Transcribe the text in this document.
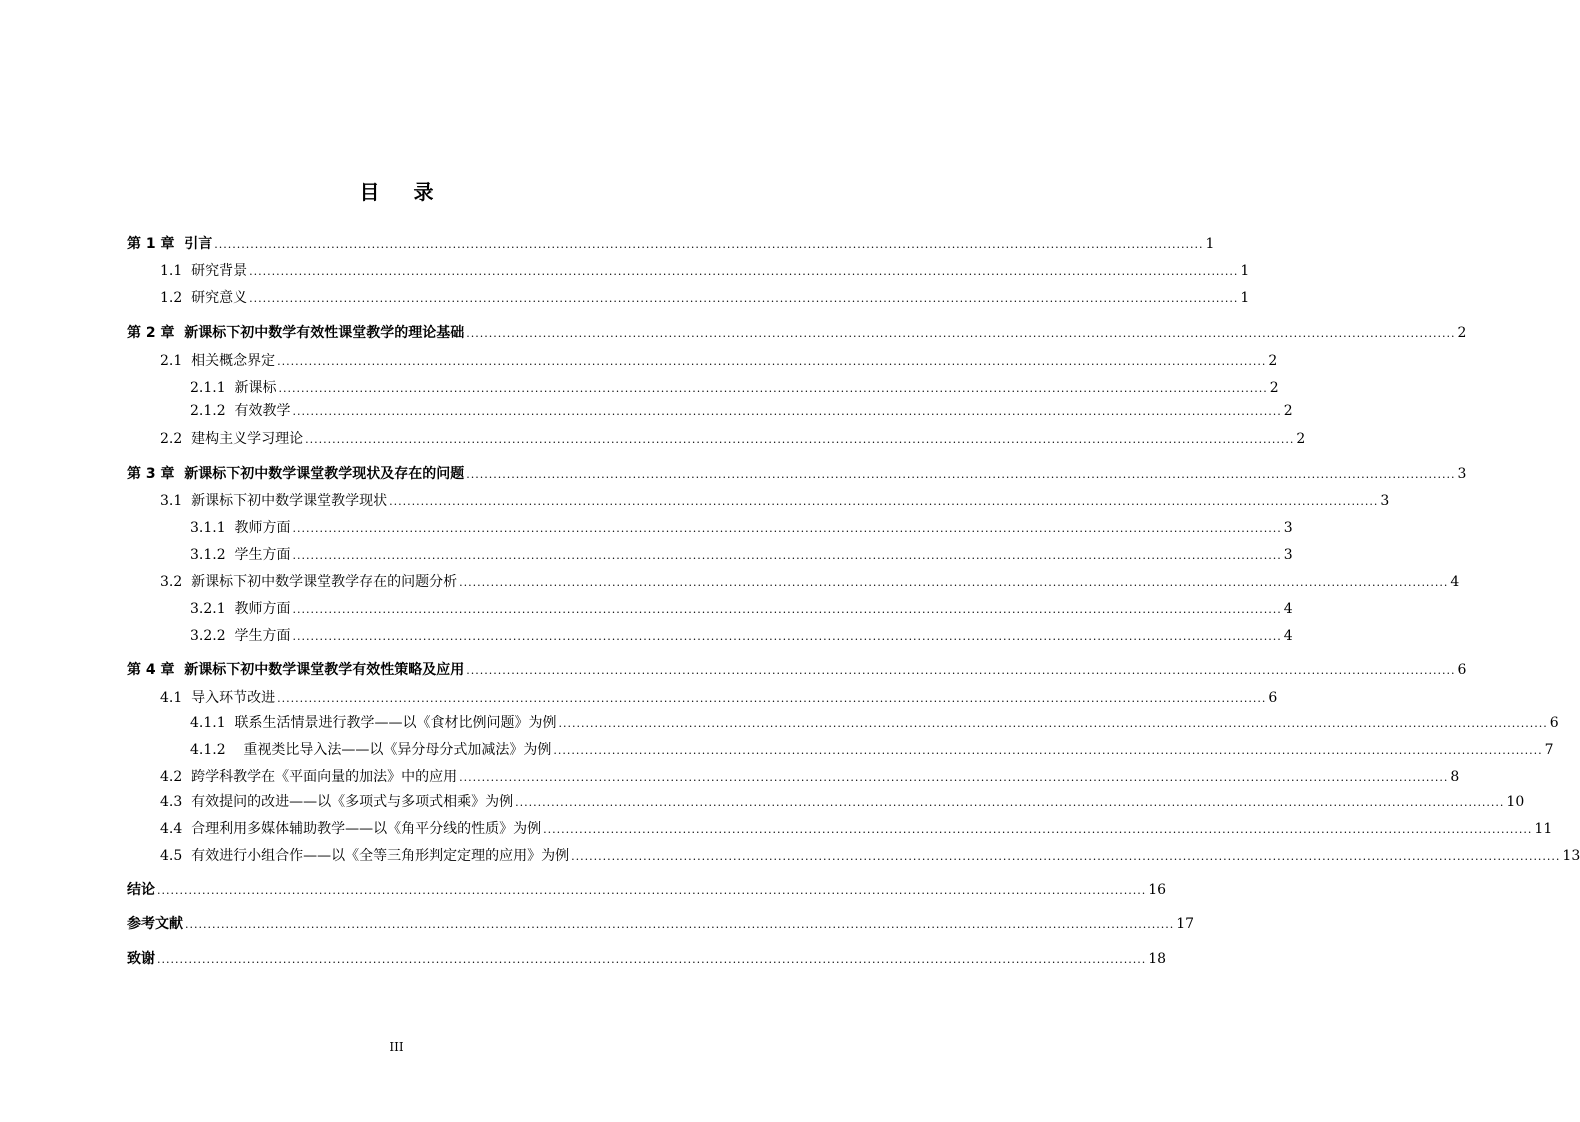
目 录
第 1 章  引言 ............................................................................................................................................................................................................................ 1
1.1  研究背景 ............................................................................................................................................................................................................................ 1
1.2  研究意义 ............................................................................................................................................................................................................................ 1
第 2 章  新课标下初中数学有效性课堂教学的理论基础 ............................................................................................................................................................................................................................ 2
2.1  相关概念界定 ............................................................................................................................................................................................................................ 2
2.1.1  新课标 ............................................................................................................................................................................................................................ 2
2.1.2  有效教学 ............................................................................................................................................................................................................................ 2
2.2  建构主义学习理论 ............................................................................................................................................................................................................................ 2
第 3 章  新课标下初中数学课堂教学现状及存在的问题 ............................................................................................................................................................................................................................ 3
3.1  新课标下初中数学课堂教学现状 ............................................................................................................................................................................................................................ 3
3.1.1  教师方面 ............................................................................................................................................................................................................................ 3
3.1.2  学生方面 ............................................................................................................................................................................................................................ 3
3.2  新课标下初中数学课堂教学存在的问题分析 ............................................................................................................................................................................................................................ 4
3.2.1  教师方面 ............................................................................................................................................................................................................................ 4
3.2.2  学生方面 ............................................................................................................................................................................................................................ 4
第 4 章  新课标下初中数学课堂教学有效性策略及应用 ............................................................................................................................................................................................................................ 6
4.1  导入环节改进 ............................................................................................................................................................................................................................ 6
4.1.1  联系生活情景进行教学——以《食材比例问题》为例 ............................................................................................................................................................................................................................ 6
4.1.2    重视类比导入法——以《异分母分式加减法》为例 ............................................................................................................................................................................................................................ 7
4.2  跨学科教学在《平面向量的加法》中的应用 ............................................................................................................................................................................................................................ 8
4.3  有效提问的改进——以《多项式与多项式相乘》为例 ............................................................................................................................................................................................................................ 10
4.4  合理利用多媒体辅助教学——以《角平分线的性质》为例 ............................................................................................................................................................................................................................ 11
4.5  有效进行小组合作——以《全等三角形判定定理的应用》为例 ............................................................................................................................................................................................................................ 13
结论 ............................................................................................................................................................................................................................ 16
参考文献 ............................................................................................................................................................................................................................ 17
致谢 ............................................................................................................................................................................................................................ 18
III
